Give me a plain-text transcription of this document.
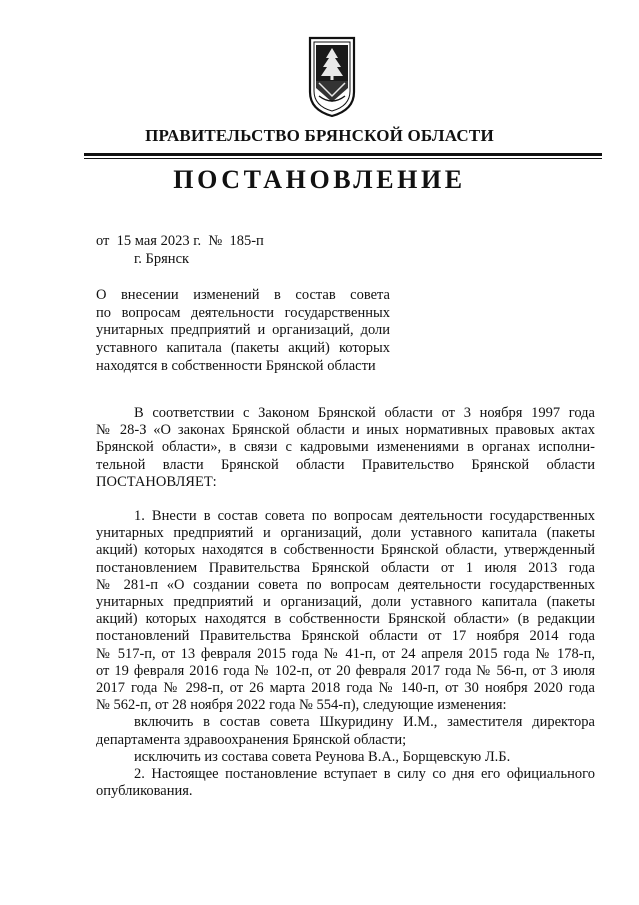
ПРАВИТЕЛЬСТВО БРЯНСКОЙ ОБЛАСТИ
ПОСТАНОВЛЕНИЕ
от  15 мая 2023 г.  №  185-п
г. Брянск
О внесении изменений в состав совета
по вопросам деятельности государственных
унитарных предприятий и организаций, доли
уставного капитала (пакеты акций) которых
находятся в собственности Брянской области
В соответствии с Законом Брянской области от 3 ноября 1997 года
№ 28-З «О законах Брянской области и иных нормативных правовых актах
Брянской области», в связи с кадровыми изменениями в органах исполни-
тельной власти Брянской области Правительство Брянской области
ПОСТАНОВЛЯЕТ:
1. Внести в состав совета по вопросам деятельности государственных
унитарных предприятий и организаций, доли уставного капитала (пакеты
акций) которых находятся в собственности Брянской области, утвержденный
постановлением Правительства Брянской области от 1 июля 2013 года
№ 281-п «О создании совета по вопросам деятельности государственных
унитарных предприятий и организаций, доли уставного капитала (пакеты
акций) которых находятся в собственности Брянской области» (в редакции
постановлений Правительства Брянской области от 17 ноября 2014 года
№ 517-п, от 13 февраля 2015 года № 41-п, от 24 апреля 2015 года № 178-п,
от 19 февраля 2016 года № 102-п, от 20 февраля 2017 года № 56-п, от 3 июля
2017 года № 298-п, от 26 марта 2018 года № 140-п, от 30 ноября 2020 года
№ 562-п, от 28 ноября 2022 года № 554-п), следующие изменения:
включить в состав совета Шкуридину И.М., заместителя директора
департамента здравоохранения Брянской области;
исключить из состава совета Реунова В.А., Борщевскую Л.Б.
2. Настоящее постановление вступает в силу со дня его официального
опубликования.
